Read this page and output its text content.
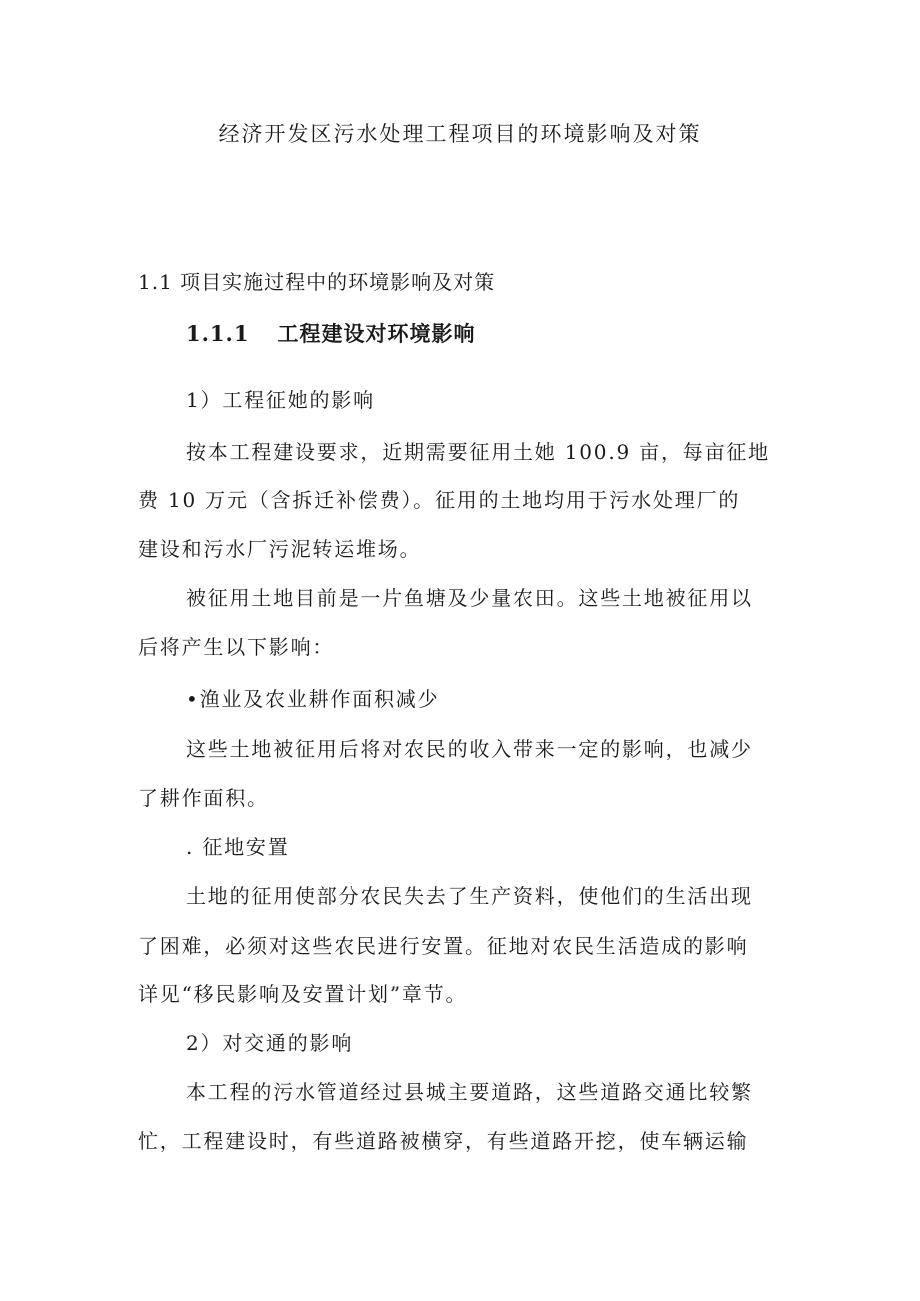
经济开发区污水处理工程项目的环境影响及对策
1.1 项目实施过程中的环境影响及对策
1.1.1 工程建设对环境影响

1）工程征她的影响

按本工程建设要求，近期需要征用土她 100.9 亩，每亩征地

费 10 万元（含拆迁补偿费）。征用的土地均用于污水处理厂的

建设和污水厂污泥转运堆场。

被征用土地目前是一片鱼塘及少量农田。这些土地被征用以

后将产生以下影响：

•渔业及农业耕作面积减少

这些土地被征用后将对农民的收入带来一定的影响，也减少

了耕作面积。

. 征地安置

土地的征用使部分农民失去了生产资料，使他们的生活出现

了困难，必须对这些农民进行安置。征地对农民生活造成的影响

详见“移民影响及安置计划”章节。

2）对交通的影响

本工程的污水管道经过县城主要道路，这些道路交通比较繁

忙，工程建设时，有些道路被横穿，有些道路开挖，使车辆运输
